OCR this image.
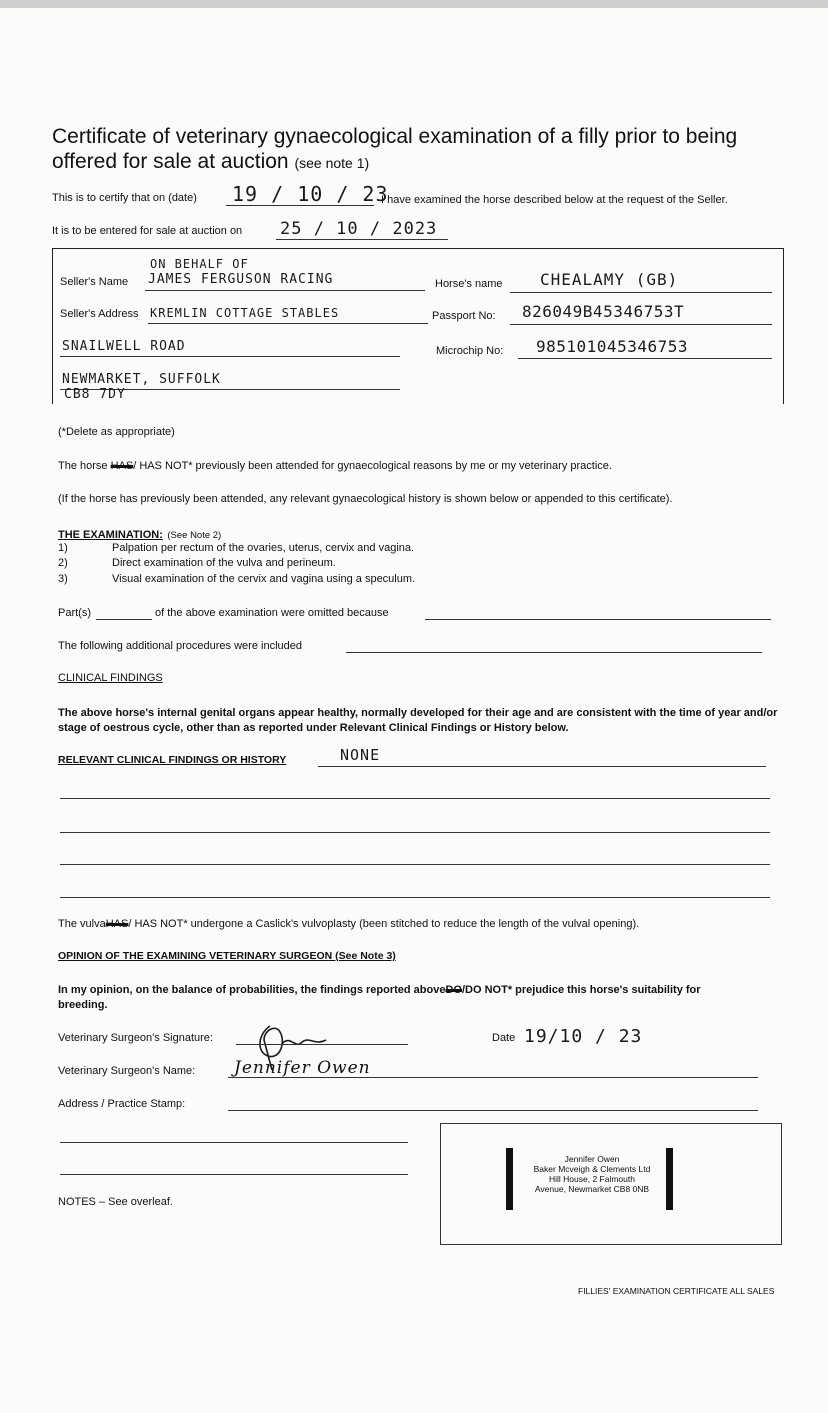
Certificate of veterinary gynaecological examination of a filly prior to being offered for sale at auction (see note 1)
This is to certify that on (date) 19 / 10 / 23
I have examined the horse described below at the request of the Seller.
It is to be entered for sale at auction on 25 / 10 / 2023
ON BEHALF OF
Seller's Name JAMES FERGUSON RACING	Horse's name CHEALAMY (GB)
Seller's Address KREMLIN COTTAGE STABLES	Passport No: 826049B45346753T
SNAILWELL ROAD	Microchip No: 985101045346753
NEWMARKET, SUFFOLK
CB8 7DY
(*Delete as appropriate)
The horse HAS/ HAS NOT* previously been attended for gynaecological reasons by me or my veterinary practice.
(If the horse has previously been attended, any relevant gynaecological history is shown below or appended to this certificate).
THE EXAMINATION: (See Note 2)
1)	Palpation per rectum of the ovaries, uterus, cervix and vagina.
2)	Direct examination of the vulva and perineum.
3)	Visual examination of the cervix and vagina using a speculum.
Part(s)	of the above examination were omitted because
The following additional procedures were included
CLINICAL FINDINGS
The above horse's internal genital organs appear healthy, normally developed for their age and are consistent with the time of year and/or stage of oestrous cycle, other than as reported under Relevant Clinical Findings or History below.
RELEVANT CLINICAL FINDINGS OR HISTORY	NONE
The vulvaHAS/ HAS NOT* undergone a Caslick's vulvoplasty (been stitched to reduce the length of the vulval opening).
OPINION OF THE EXAMINING VETERINARY SURGEON (See Note 3)
In my opinion, on the balance of probabilities, the findings reported aboveDO/DO NOT* prejudice this horse's suitability for
breeding.
Veterinary Surgeon's Signature:	Date 19/10 / 23
Veterinary Surgeon's Name: Jennifer Owen
Address / Practice Stamp:
Jennifer Owen
Baker Mcveigh & Clements Ltd
Hill House, 2 Falmouth
Avenue, Newmarket CB8 0NB
NOTES – See overleaf.
FILLIES' EXAMINATION CERTIFICATE ALL SALES
